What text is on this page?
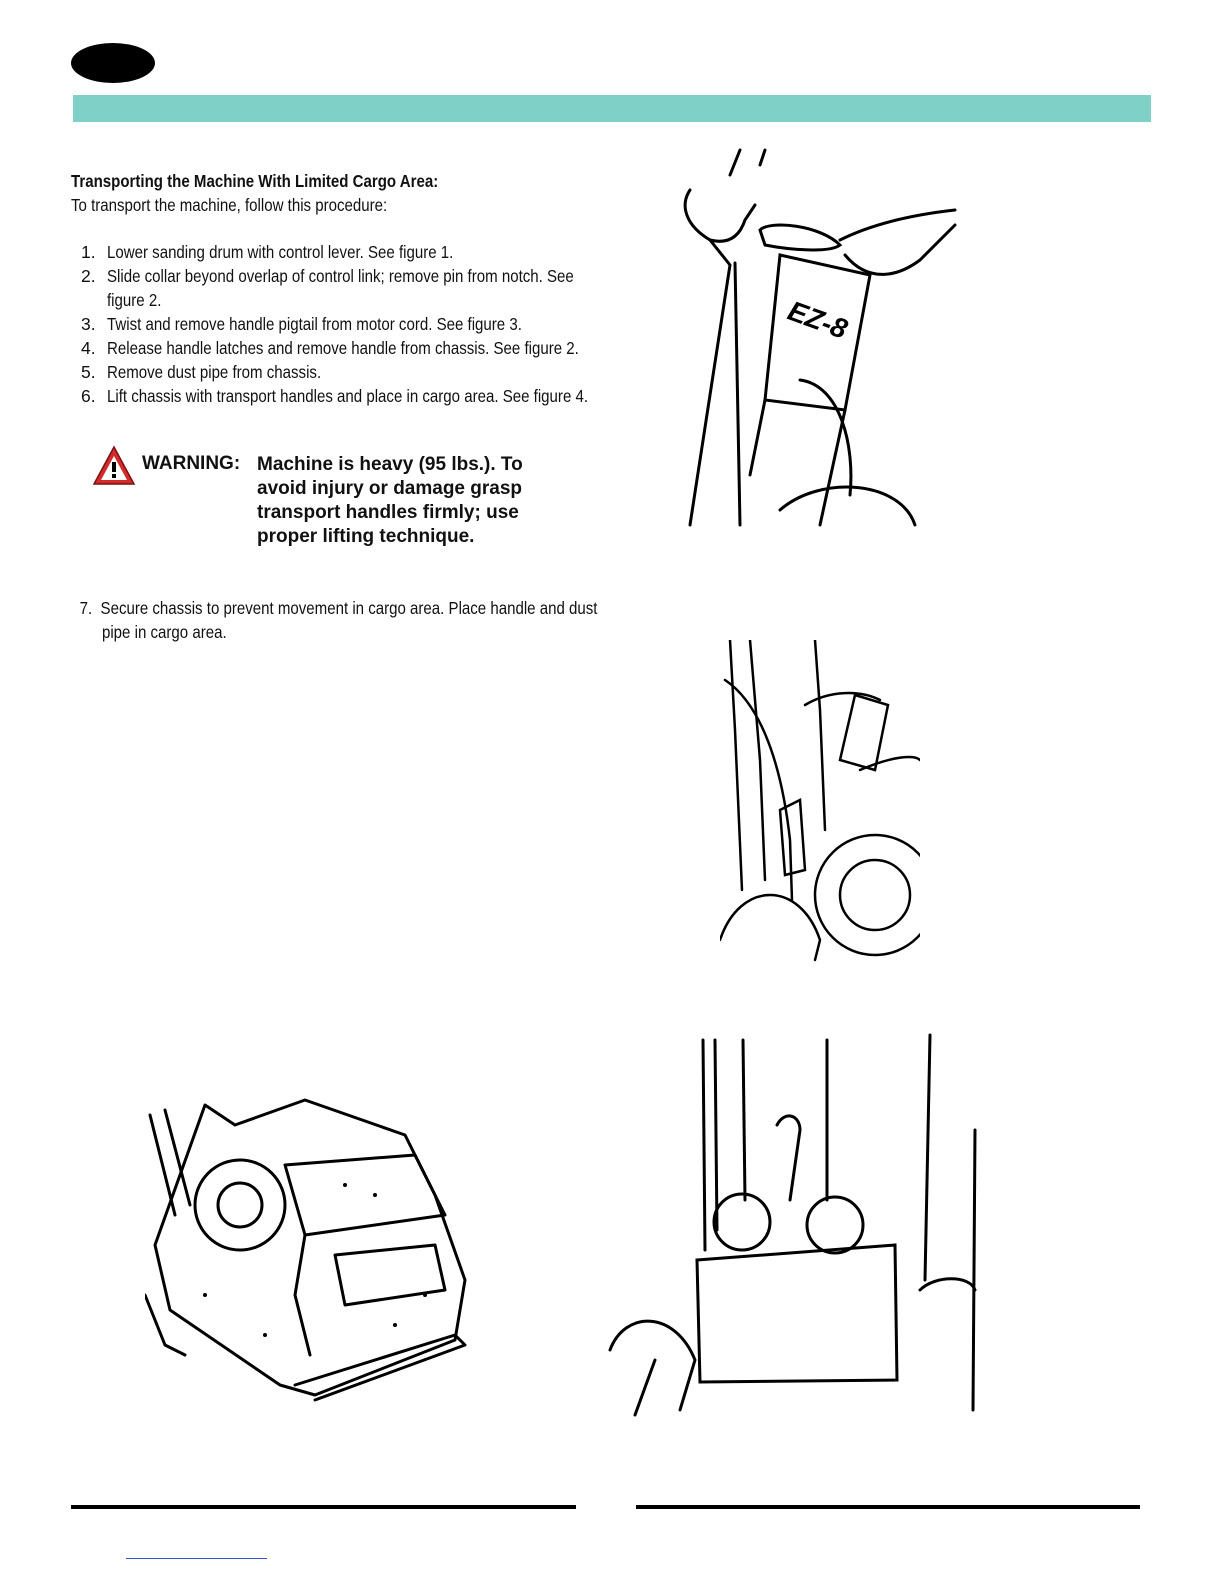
Transporting the Machine With Limited Cargo Area:
To transport the machine, follow this procedure:
1. Lower sanding drum with control lever. See figure 1.
2. Slide collar beyond overlap of control link; remove pin from notch. See figure 2.
3. Twist and remove handle pigtail from motor cord. See figure 3.
4. Release handle latches and remove handle from chassis. See figure 2.
5. Remove dust pipe from chassis.
6. Lift chassis with transport handles and place in cargo area. See figure 4.
WARNING: Machine is heavy (95 lbs.). To avoid injury or damage grasp transport handles firmly; use proper lifting technique.
7. Secure chassis to prevent movement in cargo area. Place handle and dust
pipe in cargo area.
EZ-8
